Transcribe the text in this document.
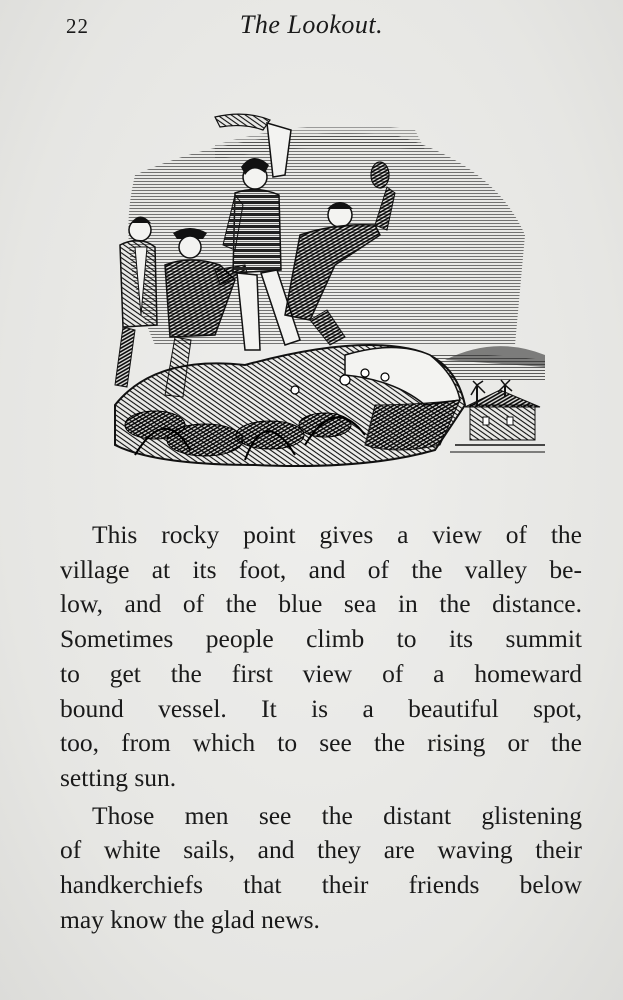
22	The Lookout.
This rocky point gives a view of the
village at its foot, and of the valley be-
low, and of the blue sea in the distance.
Sometimes people climb to its summit
to get the first view of a homeward
bound vessel. It is a beautiful spot,
too, from which to see the rising or the
setting sun.
Those men see the distant glistening
of white sails, and they are waving their
handkerchiefs that their friends below
may know the glad news.
